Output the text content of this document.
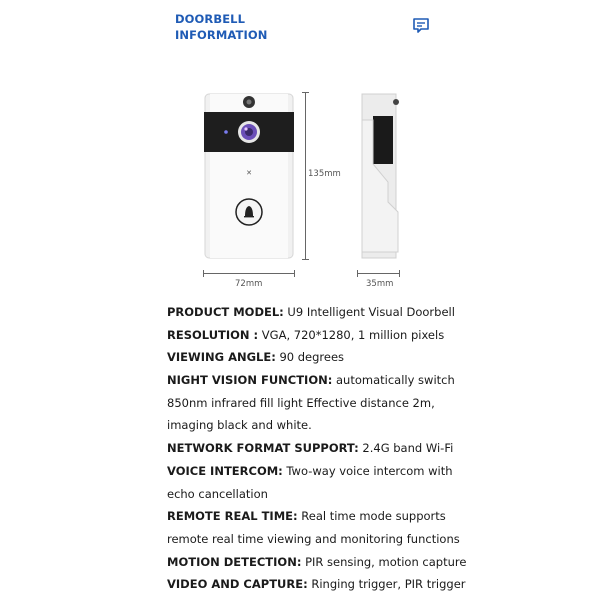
DOORBELL
INFORMATION
✕	135mm
72mm	35mm
PRODUCT MODEL: U9 Intelligent Visual Doorbell
RESOLUTION : VGA, 720*1280, 1 million pixels
VIEWING ANGLE: 90 degrees
NIGHT VISION FUNCTION: automatically switch
850nm infrared fill light Effective distance 2m,
imaging black and white.
NETWORK FORMAT SUPPORT: 2.4G band Wi-Fi
VOICE INTERCOM: Two-way voice intercom with
echo cancellation
REMOTE REAL TIME: Real time mode supports
remote real time viewing and monitoring functions
MOTION DETECTION: PIR sensing, motion capture
VIDEO AND CAPTURE: Ringing trigger, PIR trigger
